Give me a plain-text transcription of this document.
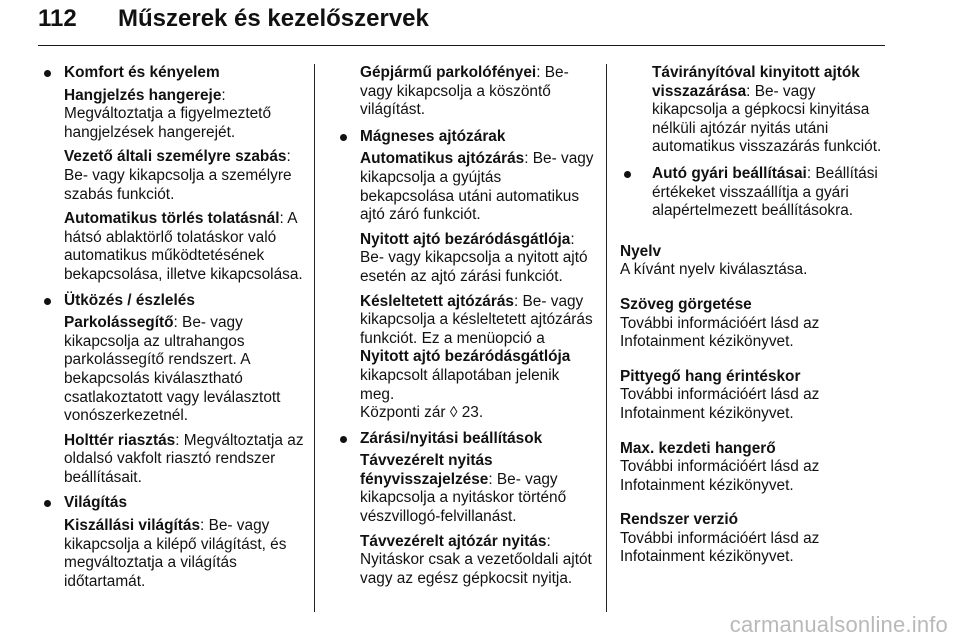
112 Műszerek és kezelőszervek
Komfort és kényelem
Hangjelzés hangereje: Megváltoztatja a figyelmeztető hangjelzések hangerejét.
Vezető általi személyre szabás: Be- vagy kikapcsolja a személyre szabás funkciót.
Automatikus törlés tolatásnál: A hátsó ablaktörlő tolatáskor való automatikus működtetésének bekapcsolása, illetve kikapcsolása.
Ütközés / észlelés
Parkolássegítő: Be- vagy kikapcsolja az ultrahangos parkolássegítő rendszert. A bekapcsolás kiválasztható csatlakoztatott vagy leválasztott vonószerkezetnél.
Holttér riasztás: Megváltoztatja az oldalsó vakfolt riasztó rendszer beállításait.
Világítás
Kiszállási világítás: Be- vagy kikapcsolja a kilépő világítást, és megváltoztatja a világítás időtartamát.
Gépjármű parkolófényei: Be- vagy kikapcsolja a köszöntő világítást.
Mágneses ajtózárak
Automatikus ajtózárás: Be- vagy kikapcsolja a gyújtás bekapcsolása utáni automatikus ajtó záró funkciót.
Nyitott ajtó bezáródásgátlója: Be- vagy kikapcsolja a nyitott ajtó esetén az ajtó zárási funkciót.
Késleltetett ajtózárás: Be- vagy kikapcsolja a késleltetett ajtózárás funkciót. Ez a menüopció a Nyitott ajtó bezáródásgátlója kikapcsolt állapotában jelenik meg.
Központi zár ◊ 23.
Zárási/nyitási beállítások
Távvezérelt nyitás fényvisszajelzése: Be- vagy kikapcsolja a nyitáskor történő vészvillogó-felvillanást.
Távvezérelt ajtózár nyitás: Nyitáskor csak a vezetőoldali ajtót vagy az egész gépkocsit nyitja.
Távirányítóval kinyitott ajtók visszazárása: Be- vagy kikapcsolja a gépkocsi kinyitása nélküli ajtózár nyitás utáni automatikus visszazárás funkciót.
Autó gyári beállításai: Beállítási értékeket visszaállítja a gyári alapértelmezett beállításokra.
Nyelv
A kívánt nyelv kiválasztása.
Szöveg görgetése
További információért lásd az Infotainment kézikönyvet.
Pittyegő hang érintéskor
További információért lásd az Infotainment kézikönyvet.
Max. kezdeti hangerő
További információért lásd az Infotainment kézikönyvet.
Rendszer verzió
További információért lásd az Infotainment kézikönyvet.
carmanualsonline.info
